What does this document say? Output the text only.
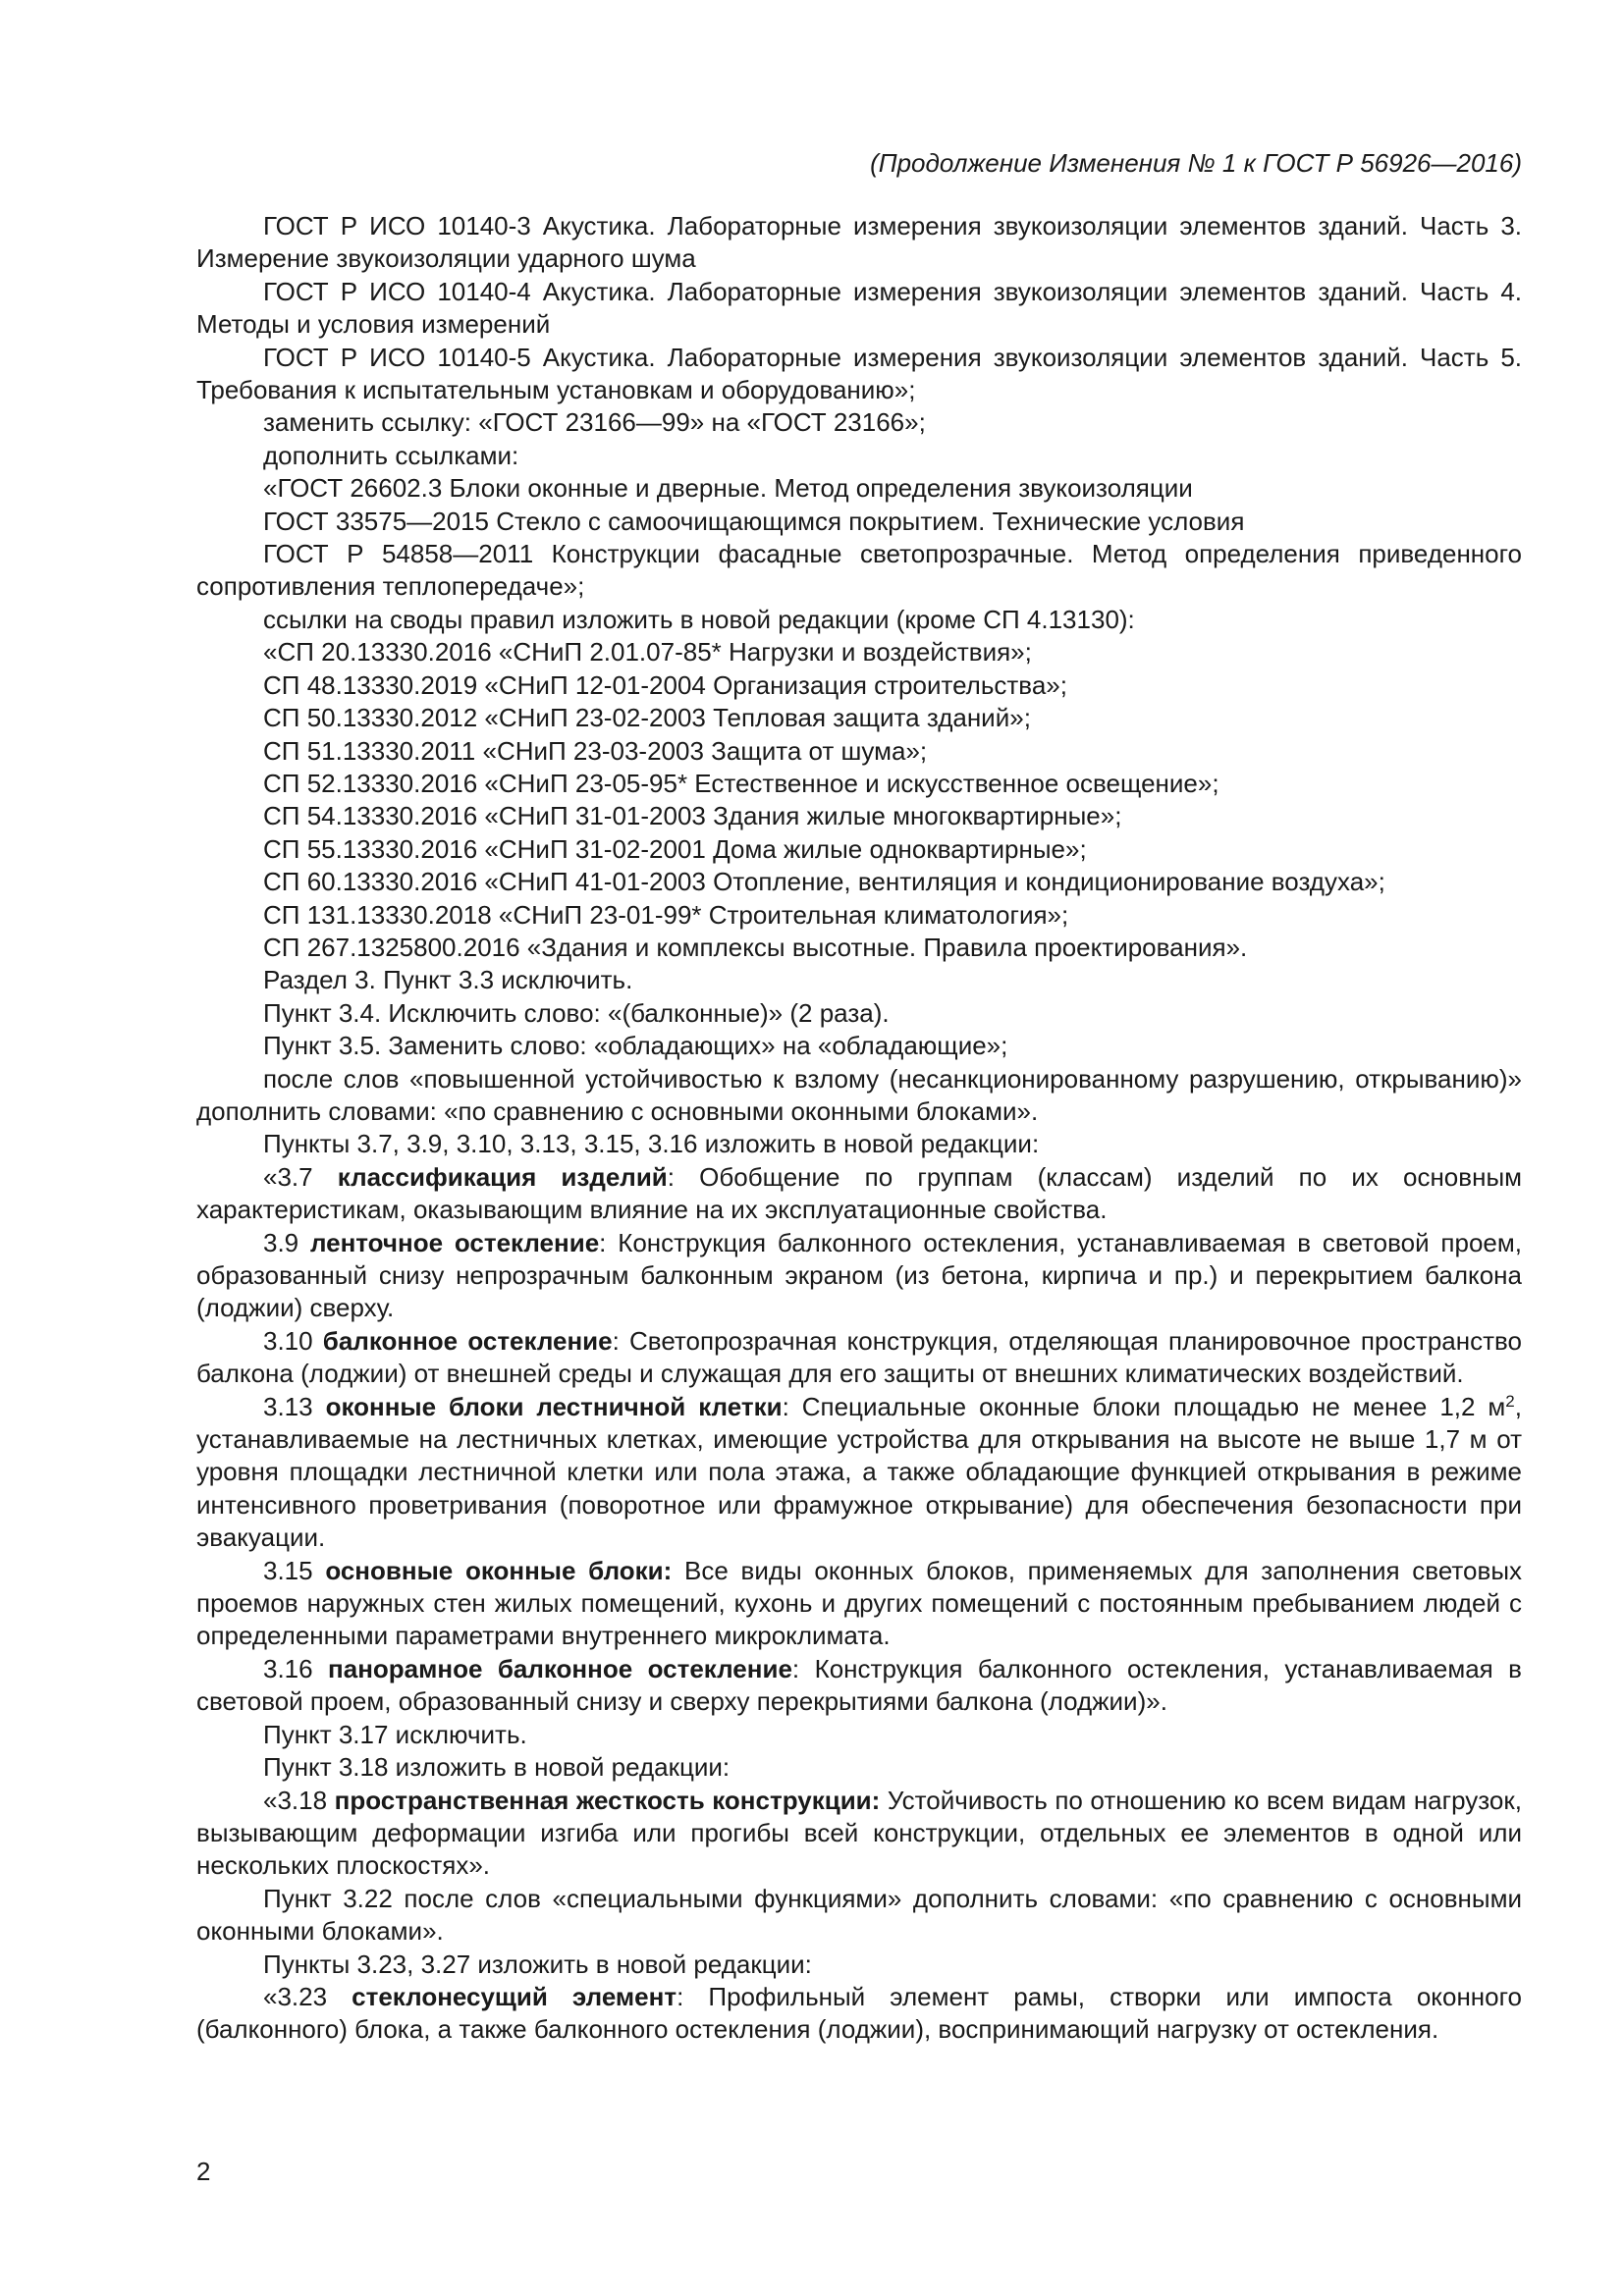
(Продолжение Изменения № 1 к ГОСТ Р 56926—2016)

ГОСТ Р ИСО 10140-3 Акустика. Лабораторные измерения звукоизоляции элементов зданий. Часть 3. Измерение звукоизоляции ударного шума

ГОСТ Р ИСО 10140-4 Акустика. Лабораторные измерения звукоизоляции элементов зданий. Часть 4. Методы и условия измерений

ГОСТ Р ИСО 10140-5 Акустика. Лабораторные измерения звукоизоляции элементов зданий. Часть 5. Требования к испытательным установкам и оборудованию»;

заменить ссылку: «ГОСТ 23166—99» на «ГОСТ 23166»;

дополнить ссылками:

«ГОСТ 26602.3 Блоки оконные и дверные. Метод определения звукоизоляции

ГОСТ 33575—2015 Стекло с самоочищающимся покрытием. Технические условия

ГОСТ Р 54858—2011 Конструкции фасадные светопрозрачные. Метод определения приведенного сопротивления теплопередаче»;

ссылки на своды правил изложить в новой редакции (кроме СП 4.13130):

«СП 20.13330.2016 «СНиП 2.01.07-85* Нагрузки и воздействия»;

СП 48.13330.2019 «СНиП 12-01-2004 Организация строительства»;

СП 50.13330.2012 «СНиП 23-02-2003 Тепловая защита зданий»;

СП 51.13330.2011 «СНиП 23-03-2003 Защита от шума»;

СП 52.13330.2016 «СНиП 23-05-95* Естественное и искусственное освещение»;

СП 54.13330.2016 «СНиП 31-01-2003 Здания жилые многоквартирные»;

СП 55.13330.2016 «СНиП 31-02-2001 Дома жилые одноквартирные»;

СП 60.13330.2016 «СНиП 41-01-2003 Отопление, вентиляция и кондиционирование воздуха»;

СП 131.13330.2018 «СНиП 23-01-99* Строительная климатология»;

СП 267.1325800.2016 «Здания и комплексы высотные. Правила проектирования».

Раздел 3. Пункт 3.3 исключить.

Пункт 3.4. Исключить слово: «(балконные)» (2 раза).

Пункт 3.5. Заменить слово: «обладающих» на «обладающие»;

после слов «повышенной устойчивостью к взлому (несанкционированному разрушению, открыванию)» дополнить словами: «по сравнению с основными оконными блоками».

Пункты 3.7, 3.9, 3.10, 3.13, 3.15, 3.16 изложить в новой редакции:

«3.7 классификация изделий: Обобщение по группам (классам) изделий по их основным характеристикам, оказывающим влияние на их эксплуатационные свойства.

3.9 ленточное остекление: Конструкция балконного остекления, устанавливаемая в световой проем, образованный снизу непрозрачным балконным экраном (из бетона, кирпича и пр.) и перекрытием балкона (лоджии) сверху.

3.10 балконное остекление: Светопрозрачная конструкция, отделяющая планировочное пространство балкона (лоджии) от внешней среды и служащая для его защиты от внешних климатических воздействий.

3.13 оконные блоки лестничной клетки: Специальные оконные блоки площадью не менее 1,2 $м^2$, устанавливаемые на лестничных клетках, имеющие устройства для открывания на высоте не выше 1,7 м от уровня площадки лестничной клетки или пола этажа, а также обладающие функцией открывания в режиме интенсивного проветривания (поворотное или фрамужное открывание) для обеспечения безопасности при эвакуации.

3.15 основные оконные блоки: Все виды оконных блоков, применяемых для заполнения световых проемов наружных стен жилых помещений, кухонь и других помещений с постоянным пребыванием людей с определенными параметрами внутреннего микроклимата.

3.16 панорамное балконное остекление: Конструкция балконного остекления, устанавливаемая в световой проем, образованный снизу и сверху перекрытиями балкона (лоджии)».

Пункт 3.17 исключить.

Пункт 3.18 изложить в новой редакции:

«3.18 пространственная жесткость конструкции: Устойчивость по отношению ко всем видам нагрузок, вызывающим деформации изгиба или прогибы всей конструкции, отдельных ее элементов в одной или нескольких плоскостях».

Пункт 3.22 после слов «специальными функциями» дополнить словами: «по сравнению с основными оконными блоками».

Пункты 3.23, 3.27 изложить в новой редакции:

«3.23 стеклонесущий элемент: Профильный элемент рамы, створки или импоста оконного (балконного) блока, а также балконного остекления (лоджии), воспринимающий нагрузку от остекления.

2
